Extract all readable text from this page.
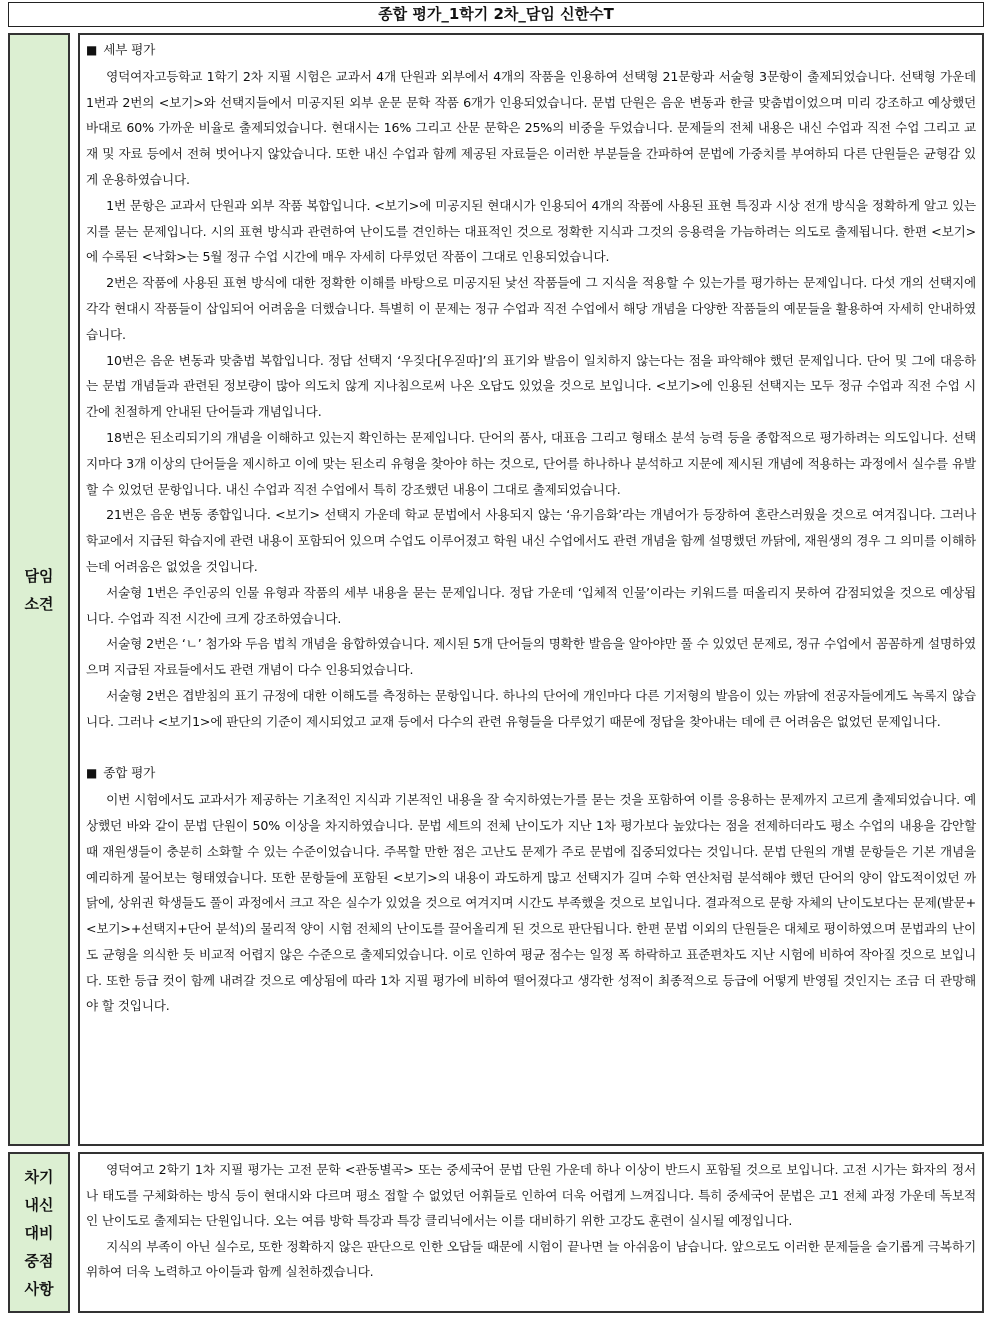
종합 평가_1학기 2차_담임 신한수T
담임
소견
■ 세부 평가

영덕여자고등학교 1학기 2차 지필 시험은 교과서 4개 단원과 외부에서 4개의 작품을 인용하여 선택형 21문항과 서술형 3문항이 출제되었습니다. 선택형 가운데 1번과 2번의 <보기>와 선택지들에서 미공지된 외부 운문 문학 작품 6개가 인용되었습니다. 문법 단원은 음운 변동과 한글 맞춤법이었으며 미리 강조하고 예상했던 바대로 60% 가까운 비율로 출제되었습니다. 현대시는 16% 그리고 산문 문학은 25%의 비중을 두었습니다. 문제들의 전체 내용은 내신 수업과 직전 수업 그리고 교재 및 자료 등에서 전혀 벗어나지 않았습니다. 또한 내신 수업과 함께 제공된 자료들은 이러한 부분들을 간파하여 문법에 가중치를 부여하되 다른 단원들은 균형감 있게 운용하였습니다.

1번 문항은 교과서 단원과 외부 작품 복합입니다. <보기>에 미공지된 현대시가 인용되어 4개의 작품에 사용된 표현 특징과 시상 전개 방식을 정확하게 알고 있는지를 묻는 문제입니다. 시의 표현 방식과 관련하여 난이도를 견인하는 대표적인 것으로 정확한 지식과 그것의 응용력을 가늠하려는 의도로 출제됩니다. 한편 <보기>에 수록된 <낙화>는 5월 정규 수업 시간에 매우 자세히 다루었던 작품이 그대로 인용되었습니다.

2번은 작품에 사용된 표현 방식에 대한 정확한 이해를 바탕으로 미공지된 낯선 작품들에 그 지식을 적용할 수 있는가를 평가하는 문제입니다. 다섯 개의 선택지에 각각 현대시 작품들이 삽입되어 어려움을 더했습니다. 특별히 이 문제는 정규 수업과 직전 수업에서 해당 개념을 다양한 작품들의 예문들을 활용하여 자세히 안내하였습니다.

10번은 음운 변동과 맞춤법 복합입니다. 정답 선택지 ‘우짖다[우짇따]’의 표기와 발음이 일치하지 않는다는 점을 파악해야 했던 문제입니다. 단어 및 그에 대응하는 문법 개념들과 관련된 정보량이 많아 의도치 않게 지나침으로써 나온 오답도 있었을 것으로 보입니다. <보기>에 인용된 선택지는 모두 정규 수업과 직전 수업 시간에 친절하게 안내된 단어들과 개념입니다.

18번은 된소리되기의 개념을 이해하고 있는지 확인하는 문제입니다. 단어의 품사, 대표음 그리고 형태소 분석 능력 등을 종합적으로 평가하려는 의도입니다. 선택지마다 3개 이상의 단어들을 제시하고 이에 맞는 된소리 유형을 찾아야 하는 것으로, 단어를 하나하나 분석하고 지문에 제시된 개념에 적용하는 과정에서 실수를 유발할 수 있었던 문항입니다. 내신 수업과 직전 수업에서 특히 강조했던 내용이 그대로 출제되었습니다.

21번은 음운 변동 종합입니다. <보기> 선택지 가운데 학교 문법에서 사용되지 않는 ‘유기음화’라는 개념어가 등장하여 혼란스러웠을 것으로 여겨집니다. 그러나 학교에서 지급된 학습지에 관련 내용이 포함되어 있으며 수업도 이루어졌고 학원 내신 수업에서도 관련 개념을 함께 설명했던 까닭에, 재원생의 경우 그 의미를 이해하는데 어려움은 없었을 것입니다.

서술형 1번은 주인공의 인물 유형과 작품의 세부 내용을 묻는 문제입니다. 정답 가운데 ‘입체적 인물’이라는 키워드를 떠올리지 못하여 감점되었을 것으로 예상됩니다. 수업과 직전 시간에 크게 강조하였습니다.

서술형 2번은 ‘ㄴ’ 첨가와 두음 법칙 개념을 융합하였습니다. 제시된 5개 단어들의 명확한 발음을 알아야만 풀 수 있었던 문제로, 정규 수업에서 꼼꼼하게 설명하였으며 지급된 자료들에서도 관련 개념이 다수 인용되었습니다.

서술형 2번은 겹받침의 표기 규정에 대한 이해도를 측정하는 문항입니다. 하나의 단어에 개인마다 다른 기저형의 발음이 있는 까닭에 전공자들에게도 녹록지 않습니다. 그러나 <보기1>에 판단의 기준이 제시되었고 교재 등에서 다수의 관련 유형들을 다루었기 때문에 정답을 찾아내는 데에 큰 어려움은 없었던 문제입니다.

■ 종합 평가

이번 시험에서도 교과서가 제공하는 기초적인 지식과 기본적인 내용을 잘 숙지하였는가를 묻는 것을 포함하여 이를 응용하는 문제까지 고르게 출제되었습니다. 예상했던 바와 같이 문법 단원이 50% 이상을 차지하였습니다. 문법 세트의 전체 난이도가 지난 1차 평가보다 높았다는 점을 전제하더라도 평소 수업의 내용을 감안할 때 재원생들이 충분히 소화할 수 있는 수준이었습니다. 주목할 만한 점은 고난도 문제가 주로 문법에 집중되었다는 것입니다. 문법 단원의 개별 문항들은 기본 개념을 예리하게 물어보는 형태였습니다. 또한 문항들에 포함된 <보기>의 내용이 과도하게 많고 선택지가 길며 수학 연산처럼 분석해야 했던 단어의 양이 압도적이었던 까닭에, 상위권 학생들도 풀이 과정에서 크고 작은 실수가 있었을 것으로 여겨지며 시간도 부족했을 것으로 보입니다. 결과적으로 문항 자체의 난이도보다는 문제(발문+<보기>+선택지+단어 분석)의 물리적 양이 시험 전체의 난이도를 끌어올리게 된 것으로 판단됩니다. 한편 문법 이외의 단원들은 대체로 평이하였으며 문법과의 난이도 균형을 의식한 듯 비교적 어렵지 않은 수준으로 출제되었습니다. 이로 인하여 평균 점수는 일정 폭 하락하고 표준편차도 지난 시험에 비하여 작아질 것으로 보입니다. 또한 등급 컷이 함께 내려갈 것으로 예상됨에 따라 1차 지필 평가에 비하여 떨어졌다고 생각한 성적이 최종적으로 등급에 어떻게 반영될 것인지는 조금 더 관망해야 할 것입니다.

차기
내신
대비
중점
사항

영덕여고 2학기 1차 지필 평가는 고전 문학 <관동별곡> 또는 중세국어 문법 단원 가운데 하나 이상이 반드시 포함될 것으로 보입니다. 고전 시가는 화자의 정서나 태도를 구체화하는 방식 등이 현대시와 다르며 평소 접할 수 없었던 어휘들로 인하여 더욱 어렵게 느껴집니다. 특히 중세국어 문법은 고1 전체 과정 가운데 독보적인 난이도로 출제되는 단원입니다. 오는 여름 방학 특강과 특강 클리닉에서는 이를 대비하기 위한 고강도 훈련이 실시될 예정입니다.

지식의 부족이 아닌 실수로, 또한 정확하지 않은 판단으로 인한 오답들 때문에 시험이 끝나면 늘 아쉬움이 남습니다. 앞으로도 이러한 문제들을 슬기롭게 극복하기 위하여 더욱 노력하고 아이들과 함께 실천하겠습니다.
